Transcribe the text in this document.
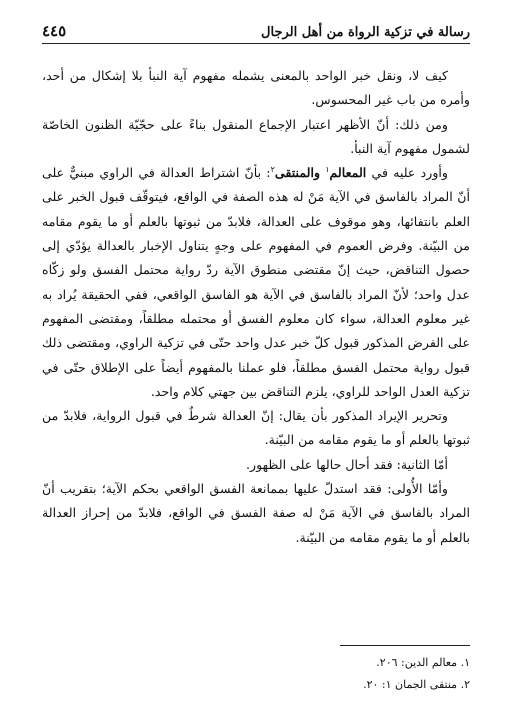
رسالة في تزكية الرواة من أهل الرجال
٤٤٥

كيف لا، ونقل خبر الواحد بالمعنى يشمله مفهوم آية النبأ بلا إشكال من أحد، وأمره من باب غير المحسوس.

ومن ذلك: أنّ الأظهر اعتبار الإجماع المنقول بناءً على حجّيّة الظنون الخاصّة لشمول مفهوم آية النبأ.

وأورد عليه في المعالم$^١$ والمنتقى$^٢$: بأنّ اشتراط العدالة في الراوي مبنيٌّ على أنّ المراد بالفاسق في الآية مَنْ له هذه الصفة في الواقع، فيتوقّف قبول الخبر على العلم بانتفائها، وهو موقوف على العدالة، فلابدّ من ثبوتها بالعلم أو ما يقوم مقامه من البيّنة. وفرض العموم في المفهوم على وجهٍ يتناول الإخبار بالعدالة يؤدّي إلى حصول التناقض، حيث إنّ مقتضى منطوق الآية ردّ رواية محتمل الفسق ولو زكّاه عدل واحد؛ لأنّ المراد بالفاسق في الآية هو الفاسق الواقعي، ففي الحقيقة يُراد به غير معلوم العدالة، سواء كان معلوم الفسق أو محتمله مطلقاً، ومقتضى المفهوم على الفرض المذكور قبول كلّ خبر عدل واحد حتّى في تزكية الراوي، ومقتضى ذلك قبول رواية محتمل الفسق مطلقاً، فلو عملنا بالمفهوم أيضاً على الإطلاق حتّى في تزكية العدل الواحد للراوي، يلزم التناقض بين جهتي كلام واحد.

وتحرير الإيراد المذكور بأن يقال: إنّ العدالة شرطٌ في قبول الرواية، فلابدّ من ثبوتها بالعلم أو ما يقوم مقامه من البيّنة.

أمّا الثانية: فقد أحال حالها على الظهور.

وأمّا الأُولى: فقد استدلّ عليها بممانعة الفسق الواقعي بحكم الآية؛ بتقريب أنّ المراد بالفاسق في الآية مَنْ له صفة الفسق في الواقع، فلابدّ من إحراز العدالة بالعلم أو ما يقوم مقامه من البيّنة.

١. معالم الدين: ٢٠٦.
٢. منتقى الجمان ١: ٢٠.
